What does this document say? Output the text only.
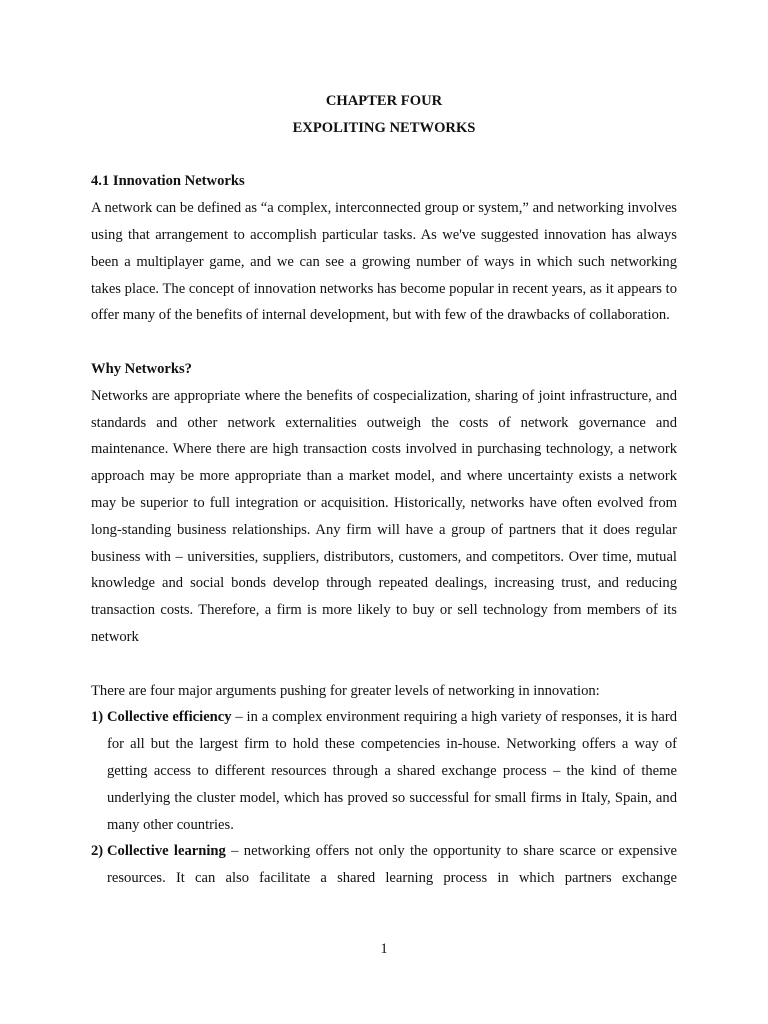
CHAPTER FOUR

EXPOLITING NETWORKS

4.1 Innovation Networks

A network can be defined as “a complex, interconnected group or system,” and networking involves using that arrangement to accomplish particular tasks. As we've suggested innovation has always been a multiplayer game, and we can see a growing number of ways in which such networking takes place. The concept of innovation networks has become popular in recent years, as it appears to offer many of the benefits of internal development, but with few of the drawbacks of collaboration.

Why Networks?

Networks are appropriate where the benefits of cospecialization, sharing of joint infrastructure, and standards and other network externalities outweigh the costs of network governance and maintenance. Where there are high transaction costs involved in purchasing technology, a network approach may be more appropriate than a market model, and where uncertainty exists a network may be superior to full integration or acquisition. Historically, networks have often evolved from long-standing business relationships. Any firm will have a group of partners that it does regular business with – universities, suppliers, distributors, customers, and competitors. Over time, mutual knowledge and social bonds develop through repeated dealings, increasing trust, and reducing transaction costs. Therefore, a firm is more likely to buy or sell technology from members of its network

There are four major arguments pushing for greater levels of networking in innovation:

1) Collective efficiency – in a complex environment requiring a high variety of responses, it is hard for all but the largest firm to hold these competencies in-house. Networking offers a way of getting access to different resources through a shared exchange process – the kind of theme underlying the cluster model, which has proved so successful for small firms in Italy, Spain, and many other countries.
2) Collective learning – networking offers not only the opportunity to share scarce or expensive resources. It can also facilitate a shared learning process in which partners exchange
1
